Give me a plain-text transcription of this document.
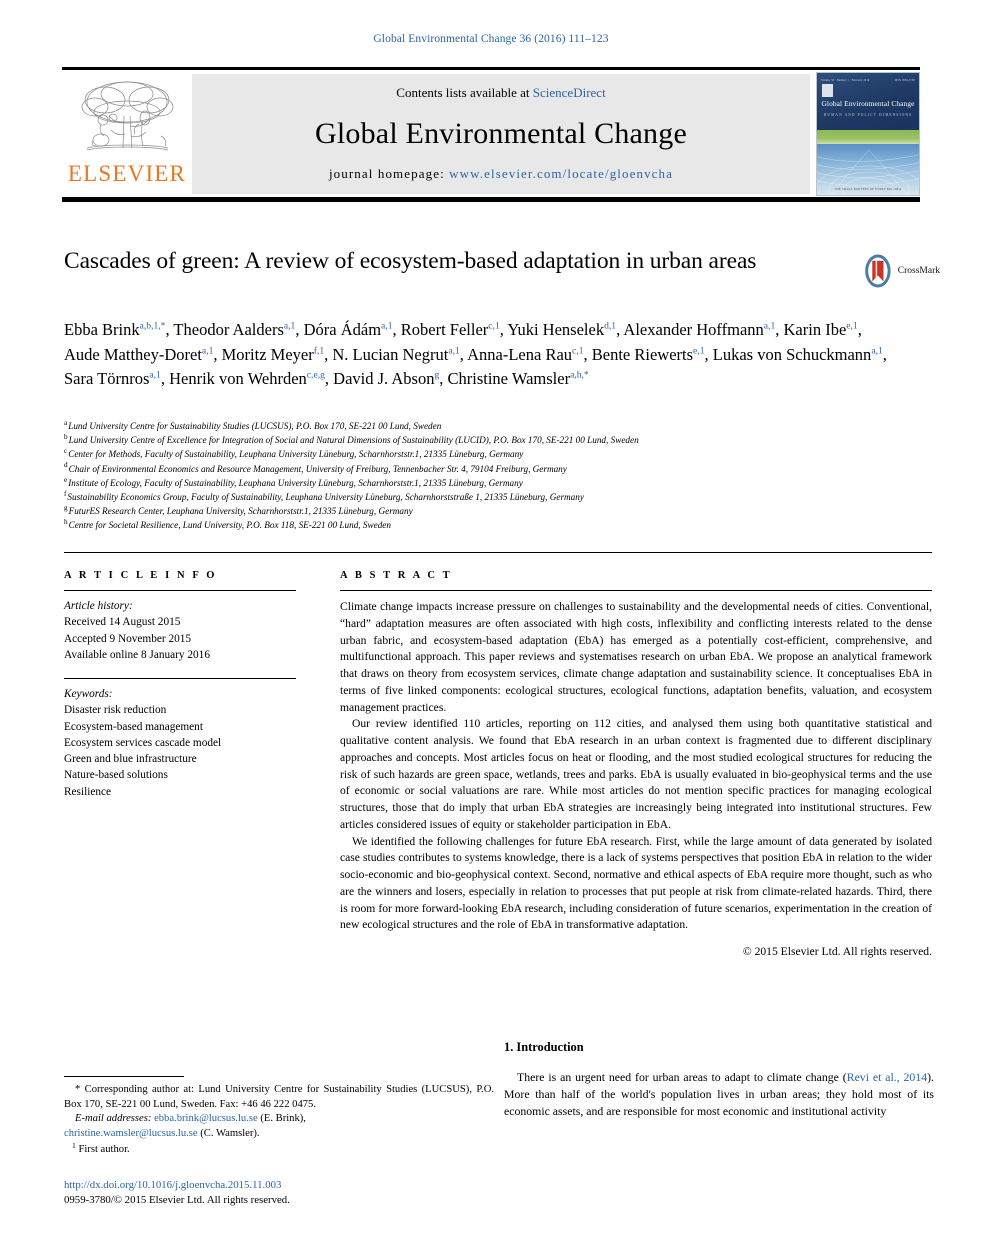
Global Environmental Change 36 (2016) 111–123
ELSEVIER
Contents lists available at ScienceDirect
Global Environmental Change
journal homepage: www.elsevier.com/locate/gloenvcha
Volume 36 · Number 1 · February 2016	ISSN 0959-3780
Global Environmental Change
HUMAN AND POLICY DIMENSIONS
THE SMALL MATTERS OF EVERY BIG IDEA
Cascades of green: A review of ecosystem-based adaptation in urban areas	CrossMark
Ebba Brink$^{a,b,1,*}$, Theodor Aalders$^{a,1}$, Dóra Ádám$^{a,1}$, Robert Feller$^{c,1}$, Yuki Henselek$^{d,1}$, Alexander Hoffmann$^{a,1}$, Karin Ibe$^{e,1}$, Aude Matthey-Doret$^{a,1}$, Moritz Meyer$^{f,1}$, N. Lucian Negrut$^{a,1}$, Anna-Lena Rau$^{c,1}$, Bente Riewerts$^{e,1}$, Lukas von Schuckmann$^{a,1}$, Sara Törnros$^{a,1}$, Henrik von Wehrden$^{c,e,g}$, David J. Abson$^g$, Christine Wamsler$^{a,h,*}$
$^a$Lund University Centre for Sustainability Studies (LUCSUS), P.O. Box 170, SE-221 00 Lund, Sweden
$^b$Lund University Centre of Excellence for Integration of Social and Natural Dimensions of Sustainability (LUCID), P.O. Box 170, SE-221 00 Lund, Sweden
$^c$Center for Methods, Faculty of Sustainability, Leuphana University Lüneburg, Scharnhorststr.1, 21335 Lüneburg, Germany
$^d$Chair of Environmental Economics and Resource Management, University of Freiburg, Tennenbacher Str. 4, 79104 Freiburg, Germany
$^e$Institute of Ecology, Faculty of Sustainability, Leuphana University Lüneburg, Scharnhorststr.1, 21335 Lüneburg, Germany
$^f$Sustainability Economics Group, Faculty of Sustainability, Leuphana University Lüneburg, Scharnhorststraße 1, 21335 Lüneburg, Germany
$^g$FuturES Research Center, Leuphana University, Scharnhorststr.1, 21335 Lüneburg, Germany
$^h$Centre for Societal Resilience, Lund University, P.O. Box 118, SE-221 00 Lund, Sweden
A R T I C L E I N F O
Article history:
Received 14 August 2015
Accepted 9 November 2015
Available online 8 January 2016
Keywords:
Disaster risk reduction
Ecosystem-based management
Ecosystem services cascade model
Green and blue infrastructure
Nature-based solutions
Resilience
A B S T R A C T

Climate change impacts increase pressure on challenges to sustainability and the developmental needs of cities. Conventional, “hard” adaptation measures are often associated with high costs, inflexibility and conflicting interests related to the dense urban fabric, and ecosystem-based adaptation (EbA) has emerged as a potentially cost-efficient, comprehensive, and multifunctional approach. This paper reviews and systematises research on urban EbA. We propose an analytical framework that draws on theory from ecosystem services, climate change adaptation and sustainability science. It conceptualises EbA in terms of five linked components: ecological structures, ecological functions, adaptation benefits, valuation, and ecosystem management practices.

Our review identified 110 articles, reporting on 112 cities, and analysed them using both quantitative statistical and qualitative content analysis. We found that EbA research in an urban context is fragmented due to different disciplinary approaches and concepts. Most articles focus on heat or flooding, and the most studied ecological structures for reducing the risk of such hazards are green space, wetlands, trees and parks. EbA is usually evaluated in bio-geophysical terms and the use of economic or social valuations are rare. While most articles do not mention specific practices for managing ecological structures, those that do imply that urban EbA strategies are increasingly being integrated into institutional structures. Few articles considered issues of equity or stakeholder participation in EbA.

We identified the following challenges for future EbA research. First, while the large amount of data generated by isolated case studies contributes to systems knowledge, there is a lack of systems perspectives that position EbA in relation to the wider socio-economic and bio-geophysical context. Second, normative and ethical aspects of EbA require more thought, such as who are the winners and losers, especially in relation to processes that put people at risk from climate-related hazards. Third, there is room for more forward-looking EbA research, including consideration of future scenarios, experimentation in the creation of new ecological structures and the role of EbA in transformative adaptation.

© 2015 Elsevier Ltd. All rights reserved.
* Corresponding author at: Lund University Centre for Sustainability Studies (LUCSUS), P.O. Box 170, SE-221 00 Lund, Sweden. Fax: +46 46 222 0475.
E-mail addresses: ebba.brink@lucsus.lu.se (E. Brink),
christine.wamsler@lucsus.lu.se (C. Wamsler).
$^1$ First author.
http://dx.doi.org/10.1016/j.gloenvcha.2015.11.003
0959-3780/© 2015 Elsevier Ltd. All rights reserved.
1. Introduction

There is an urgent need for urban areas to adapt to climate change (Revi et al., 2014). More than half of the world's population lives in urban areas; they hold most of its economic assets, and are responsible for most economic and institutional activity
